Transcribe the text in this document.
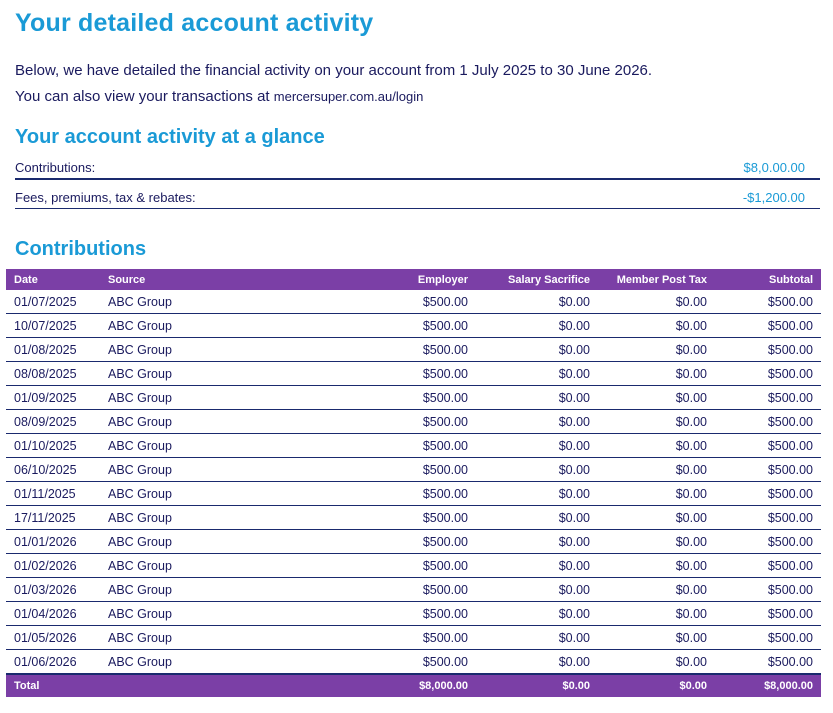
Your detailed account activity
Below, we have detailed the financial activity on your account from 1 July 2025 to 30 June 2026.
You can also view your transactions at mercersuper.com.au/login
Your account activity at a glance
Contributions:	$8,0.00.00
Fees, premiums, tax & rebates:	-$1,200.00
Contributions
Date	Source	Employer	Salary Sacrifice	Member Post Tax	Subtotal
01/07/2025	ABC Group	$500.00	$0.00	$0.00	$500.00
10/07/2025	ABC Group	$500.00	$0.00	$0.00	$500.00
01/08/2025	ABC Group	$500.00	$0.00	$0.00	$500.00
08/08/2025	ABC Group	$500.00	$0.00	$0.00	$500.00
01/09/2025	ABC Group	$500.00	$0.00	$0.00	$500.00
08/09/2025	ABC Group	$500.00	$0.00	$0.00	$500.00
01/10/2025	ABC Group	$500.00	$0.00	$0.00	$500.00
06/10/2025	ABC Group	$500.00	$0.00	$0.00	$500.00
01/11/2025	ABC Group	$500.00	$0.00	$0.00	$500.00
17/11/2025	ABC Group	$500.00	$0.00	$0.00	$500.00
01/01/2026	ABC Group	$500.00	$0.00	$0.00	$500.00
01/02/2026	ABC Group	$500.00	$0.00	$0.00	$500.00
01/03/2026	ABC Group	$500.00	$0.00	$0.00	$500.00
01/04/2026	ABC Group	$500.00	$0.00	$0.00	$500.00
01/05/2026	ABC Group	$500.00	$0.00	$0.00	$500.00
01/06/2026	ABC Group	$500.00	$0.00	$0.00	$500.00
Total		$8,000.00	$0.00	$0.00	$8,000.00
